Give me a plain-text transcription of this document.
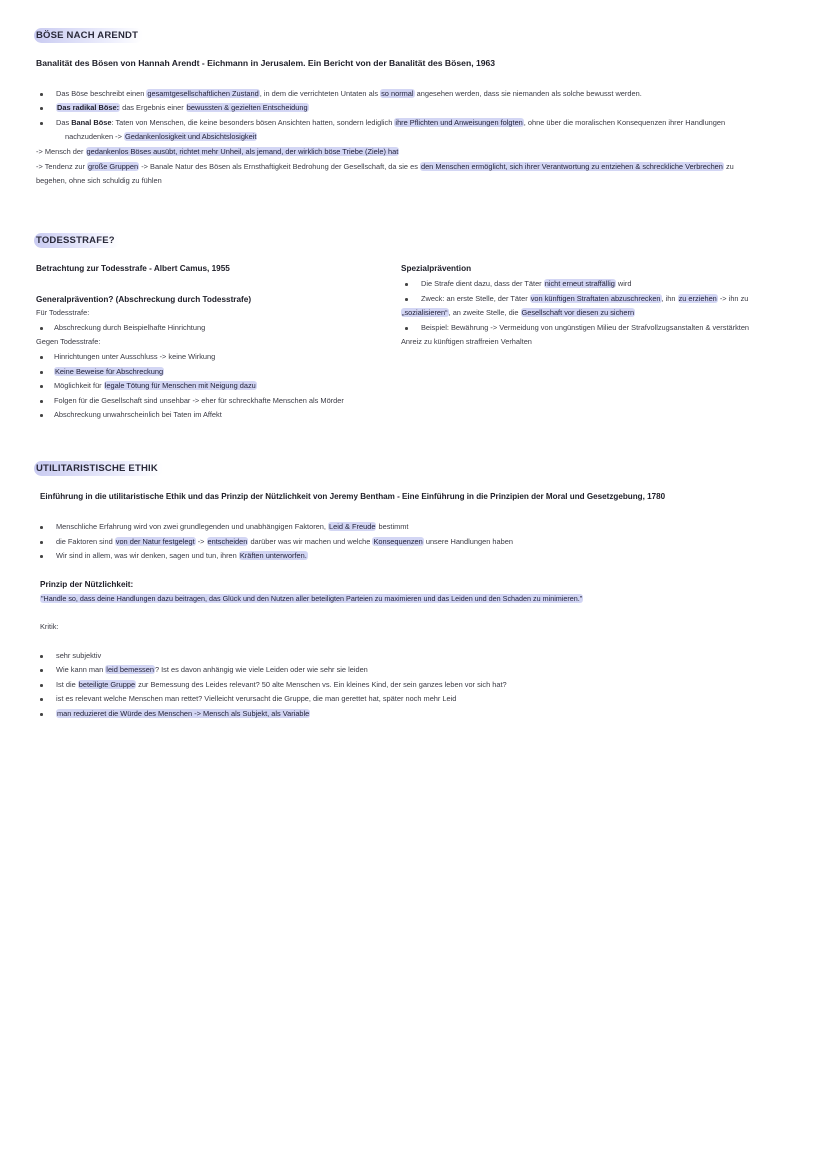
BÖSE NACH ARENDT
Banalität des Bösen von Hannah Arendt - Eichmann in Jerusalem. Ein Bericht von der Banalität des Bösen, 1963
Das Böse beschreibt einen gesamtgesellschaftlichen Zustand, in dem die verrichteten Untaten als so normal angesehen werden, dass sie niemanden als solche bewusst werden.
Das radikal Böse: das Ergebnis einer bewussten & gezielten Entscheidung
Das Banal Böse: Taten von Menschen, die keine besonders bösen Ansichten hatten, sondern lediglich ihre Pflichten und Anweisungen folgten, ohne über die moralischen Konsequenzen ihrer Handlungen
nachzudenken -> Gedankenlosigkeit und Absichtslosigkeit
-> Mensch der gedankenlos Böses ausübt, richtet mehr Unheil, als jemand, der wirklich böse Triebe (Ziele) hat
-> Tendenz zur große Gruppen -> Banale Natur des Bösen als Ernsthaftigkeit Bedrohung der Gesellschaft, da sie es den Menschen ermöglicht, sich ihrer Verantwortung zu entziehen & schreckliche Verbrechen zu
begehen, ohne sich schuldig zu fühlen
TODESSTRAFE?
Betrachtung zur Todesstrafe - Albert Camus, 1955
Generalprävention? (Abschreckung durch Todesstrafe)
Für Todesstrafe:
Abschreckung durch Beispielhafte Hinrichtung
Gegen Todesstrafe:
Hinrichtungen unter Ausschluss -> keine Wirkung
Keine Beweise für Abschreckung
Möglichkeit für legale Tötung für Menschen mit Neigung dazu
Folgen für die Gesellschaft sind unsehbar -> eher für schreckhafte Menschen als Mörder
Abschreckung unwahrscheinlich bei Taten im Affekt
Spezialprävention
Die Strafe dient dazu, dass der Täter nicht erneut straffällig wird
Zweck: an erste Stelle, der Täter von künftigen Straftaten abzuschrecken, ihn zu erziehen -> ihn zu
„sozialisieren“, an zweite Stelle, die Gesellschaft vor diesen zu sichern
Beispiel: Bewährung -> Vermeidung von ungünstigen Milieu der Strafvollzugsanstalten & verstärkten
Anreiz zu künftigen straffreien Verhalten
UTILITARISTISCHE ETHIK
Einführung in die utilitaristische Ethik und das Prinzip der Nützlichkeit von Jeremy Bentham - Eine Einführung in die Prinzipien der Moral und Gesetzgebung, 1780
Menschliche Erfahrung wird von zwei grundlegenden und unabhängigen Faktoren, Leid & Freude bestimmt
die Faktoren sind von der Natur festgelegt -> entscheiden darüber was wir machen und welche Konsequenzen unsere Handlungen haben
Wir sind in allem, was wir denken, sagen und tun, ihren Kräften unterworfen.
Prinzip der Nützlichkeit:
"Handle so, dass deine Handlungen dazu beitragen, das Glück und den Nutzen aller beteiligten Parteien zu maximieren und das Leiden und den Schaden zu minimieren."
Kritik:
sehr subjektiv
Wie kann man leid bemessen? Ist es davon anhängig wie viele Leiden oder wie sehr sie leiden
Ist die beteiligte Gruppe zur Bemessung des Leides relevant? 50 alte Menschen vs. Ein kleines Kind, der sein ganzes leben vor sich hat?
ist es relevant welche Menschen man rettet? Vielleicht verursacht die Gruppe, die man gerettet hat, später noch mehr Leid
man reduzieret die Würde des Menschen -> Mensch als Subjekt, als Variable
